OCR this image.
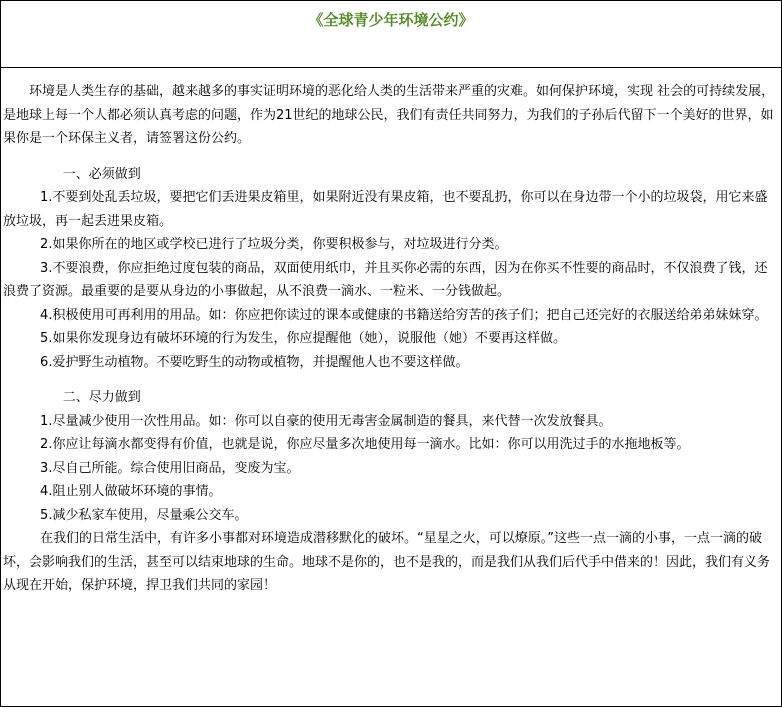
《全球青少年环境公约》

环境是人类生存的基础，越来越多的事实证明环境的恶化给人类的生活带来严重的灾难。如何保护环境，实现 社会的可持续发展，是地球上每一个人都必须认真考虑的问题，作为21世纪的地球公民，我们有责任共同努力，为我们的子孙后代留下一个美好的世界，如果你是一个环保主义者，请签署这份公约。

一、必须做到

1.不要到处乱丢垃圾，要把它们丢进果皮箱里，如果附近没有果皮箱，也不要乱扔，你可以在身边带一个小的垃圾袋，用它来盛放垃圾，再一起丢进果皮箱。

2.如果你所在的地区或学校已进行了垃圾分类，你要积极参与，对垃圾进行分类。

3.不要浪费，你应拒绝过度包装的商品，双面使用纸巾，并且买你必需的东西，因为在你买不性要的商品时，不仅浪费了钱，还浪费了资源。最重要的是要从身边的小事做起，从不浪费一滴水、一粒米、一分钱做起。

4.积极使用可再利用的用品。如：你应把你读过的课本或健康的书籍送给穷苦的孩子们；把自己还完好的衣服送给弟弟妹妹穿。

5.如果你发现身边有破坏环境的行为发生，你应提醒他（她），说服他（她）不要再这样做。

6.爱护野生动植物。不要吃野生的动物或植物，并提醒他人也不要这样做。

二、尽力做到

1.尽量减少使用一次性用品。如：你可以自豪的使用无毒害金属制造的餐具，来代替一次发放餐具。

2.你应让每滴水都变得有价值，也就是说，你应尽量多次地使用每一滴水。比如：你可以用洗过手的水拖地板等。

3.尽自己所能。综合使用旧商品，变废为宝。

4.阻止别人做破坏环境的事情。

5.减少私家车使用，尽量乘公交车。

在我们的日常生活中，有许多小事都对环境造成潜移默化的破坏。“星星之火，可以燎原。”这些一点一滴的小事，一点一滴的破坏，会影响我们的生活，甚至可以结束地球的生命。地球不是你的，也不是我的，而是我们从我们后代手中借来的！因此，我们有义务从现在开始，保护环境，捍卫我们共同的家园！
